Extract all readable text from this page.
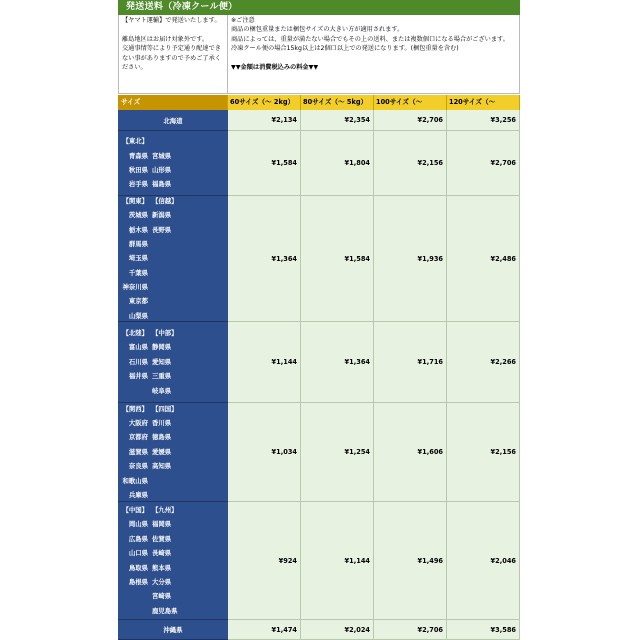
発送送料（冷凍クール便）

【ヤマト運輸】で発送いたします。

離島地区はお届け対象外です。

交通事情等により予定通り配達できない事がありますので予めご了承ください。

※ご注意

商品の梱包重量または梱包サイズの大きい方が適用されます。

商品によっては、重量が満たない場合でもその上の送料、または複数個口になる場合がございます。

冷凍クール便の場合15kg以上は2個口以上での発送になります。(梱包重量を含む)

▼▼金額は消費税込みの料金▼▼

サイズ	60サイズ（～ 2kg）	80サイズ（～ 5kg）	100サイズ（～	120サイズ（～
北海道	¥2,134	¥2,354	¥2,706	¥3,256
【東北】
青森県 宮城県
秋田県 山形県
岩手県 福島県
¥1,584	¥1,804	¥2,156	¥2,706
【関東】 【信越】
茨城県 新潟県
栃木県 長野県
群馬県
埼玉県
千葉県
神奈川県
東京都
山梨県
¥1,364	¥1,584	¥1,936	¥2,486
【北陸】 【中部】
富山県 静岡県
石川県 愛知県
福井県 三重県
岐阜県
¥1,144	¥1,364	¥1,716	¥2,266
【関西】 【四国】
大阪府 香川県
京都府 徳島県
滋賀県 愛媛県
奈良県 高知県
和歌山県
兵庫県
¥1,034	¥1,254	¥1,606	¥2,156
【中国】 【九州】
岡山県 福岡県
広島県 佐賀県
山口県 長崎県
鳥取県 熊本県
島根県 大分県
宮崎県
鹿児島県
¥924	¥1,144	¥1,496	¥2,046
沖縄県	¥1,474	¥2,024	¥2,706	¥3,586
